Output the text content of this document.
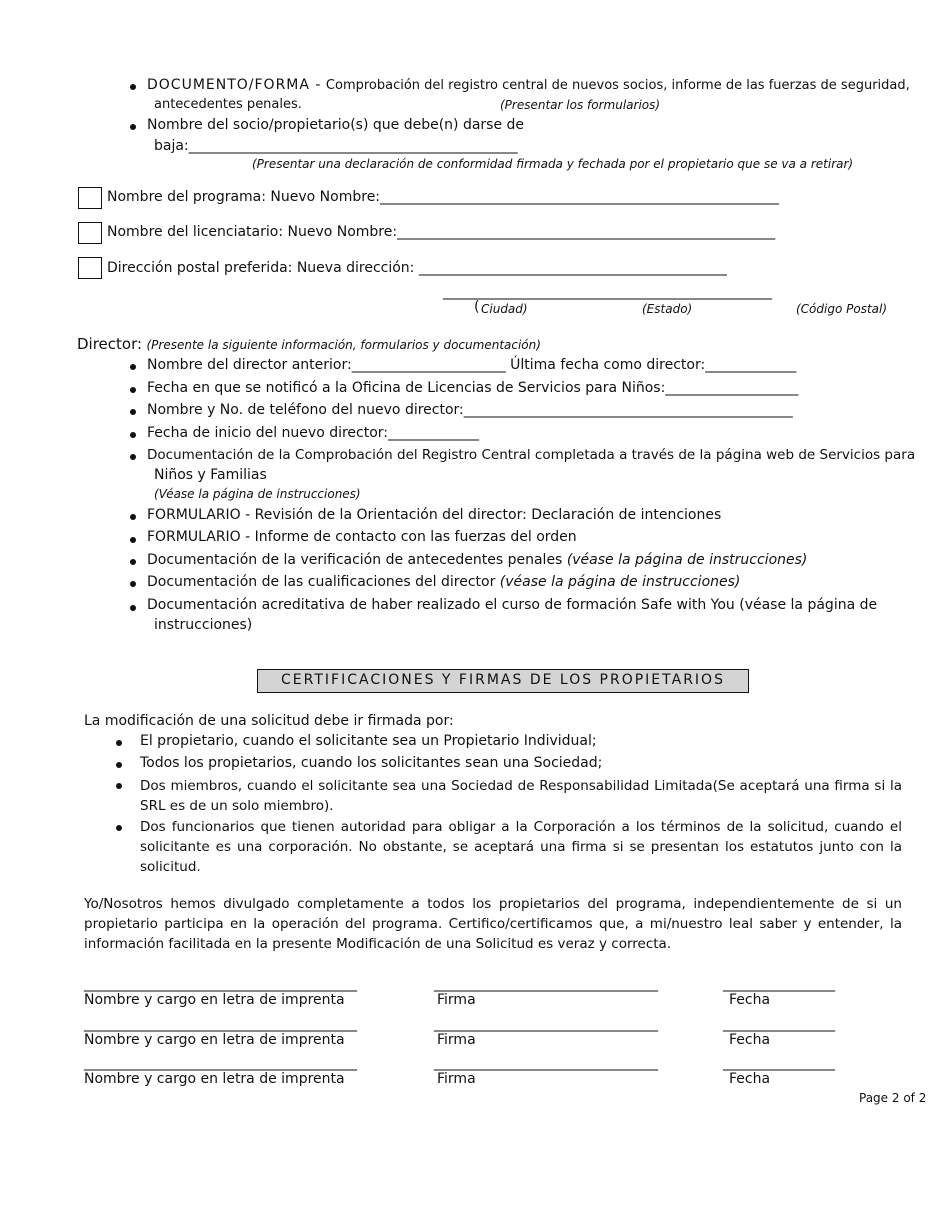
DOCUMENTO/FORMA - Comprobación del registro central de nuevos socios, informe de las fuerzas de seguridad,
antecedentes penales.	(Presentar los formularios)
Nombre del socio/propietario(s) que debe(n) darse de
baja:_______________________________________________
(Presentar una declaración de conformidad firmada y fechada por el propietario que se va a retirar)
Nombre del programa: Nuevo Nombre:_________________________________________________________
Nombre del licenciatario: Nuevo Nombre:______________________________________________________
Dirección postal preferida: Nueva dirección: ____________________________________________
_______________________________________________
( Ciudad)	(Estado)	(Código Postal)
Director: (Presente la siguiente información, formularios y documentación)
Nombre del director anterior:______________________ Última fecha como director:_____________
Fecha en que se notificó a la Oficina de Licencias de Servicios para Niños:___________________
Nombre y No. de teléfono del nuevo director:_______________________________________________
Fecha de inicio del nuevo director:_____________
Documentación de la Comprobación del Registro Central completada a través de la página web de Servicios para
Niños y Familias
(Véase la página de instrucciones)
FORMULARIO - Revisión de la Orientación del director: Declaración de intenciones
FORMULARIO - Informe de contacto con las fuerzas del orden
Documentación de la verificación de antecedentes penales (véase la página de instrucciones)
Documentación de las cualificaciones del director (véase la página de instrucciones)
Documentación acreditativa de haber realizado el curso de formación Safe with You (véase la página de
instrucciones)
CERTIFICACIONES Y FIRMAS DE LOS PROPIETARIOS
La modificación de una solicitud debe ir firmada por:
El propietario, cuando el solicitante sea un Propietario Individual;
Todos los propietarios, cuando los solicitantes sean una Sociedad;
Dos miembros, cuando el solicitante sea una Sociedad de Responsabilidad Limitada(Se aceptará una firma si la SRL es de un solo miembro).
Dos funcionarios que tienen autoridad para obligar a la Corporación a los términos de la solicitud, cuando el solicitante es una corporación. No obstante, se aceptará una firma si se presentan los estatutos junto con la solicitud.
Yo/Nosotros hemos divulgado completamente a todos los propietarios del programa, independientemente de si un propietario participa en la operación del programa. Certifico/certificamos que, a mi/nuestro leal saber y entender, la información facilitada en la presente Modificación de una Solicitud es veraz y correcta.
_______________________________________	________________________________	________________
Nombre y cargo en letra de imprenta	Firma	Fecha
_______________________________________	________________________________	________________
Nombre y cargo en letra de imprenta	Firma	Fecha
_______________________________________	________________________________	________________
Nombre y cargo en letra de imprenta	Firma	Fecha
Page 2 of 2
